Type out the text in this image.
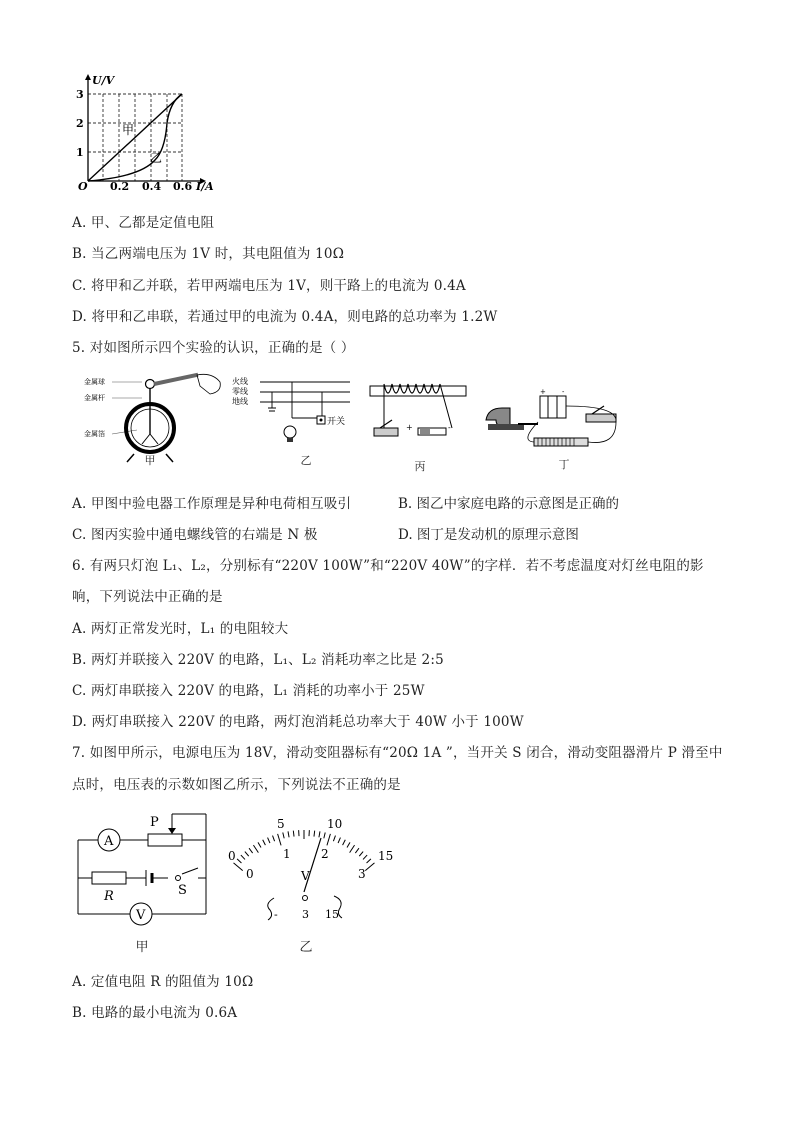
U/V
I/A
O
1
2
3
0.2 0.4 0.6
甲
乙
A. 甲、乙都是定值电阻
B. 当乙两端电压为 1V 时，其电阻值为 10Ω
C. 将甲和乙并联，若甲两端电压为 1V，则干路上的电流为 0.4A
D. 将甲和乙串联，若通过甲的电流为 0.4A，则电路的总功率为 1.2W
5. 对如图所示四个实验的认识，正确的是（ ）
金属球
金属杆
金属箔
甲
火线
零线
地线
开关
乙
+	-
丙
+ -
丁
A. 甲图中验电器工作原理是异种电荷相互吸引	B. 图乙中家庭电路的示意图是正确的
C. 图丙实验中通电螺线管的右端是 N 极	D. 图丁是发动机的原理示意图
6. 有两只灯泡 L₁、L₂，分别标有“220V 100W”和“220V 40W”的字样．若不考虑温度对灯丝电阻的影
响，下列说法中正确的是
A. 两灯正常发光时，L₁ 的电阻较大
B. 两灯并联接入 220V 的电路，L₁、L₂ 消耗功率之比是 2:5
C. 两灯串联接入 220V 的电路，L₁ 消耗的功率小于 25W
D. 两灯串联接入 220V 的电路，两灯泡消耗总功率大于 40W 小于 100W
7. 如图甲所示，电源电压为 18V，滑动变阻器标有“20Ω 1A ”，当开关 S 闭合，滑动变阻器滑片 P 滑至中
点时，电压表的示数如图乙所示，下列说法不正确的是
A
V
P
R	S
甲
0
5	10
15
0
1	2
3
V
- 3 15
乙
A. 定值电阻 R 的阻值为 10Ω
B. 电路的最小电流为 0.6A
